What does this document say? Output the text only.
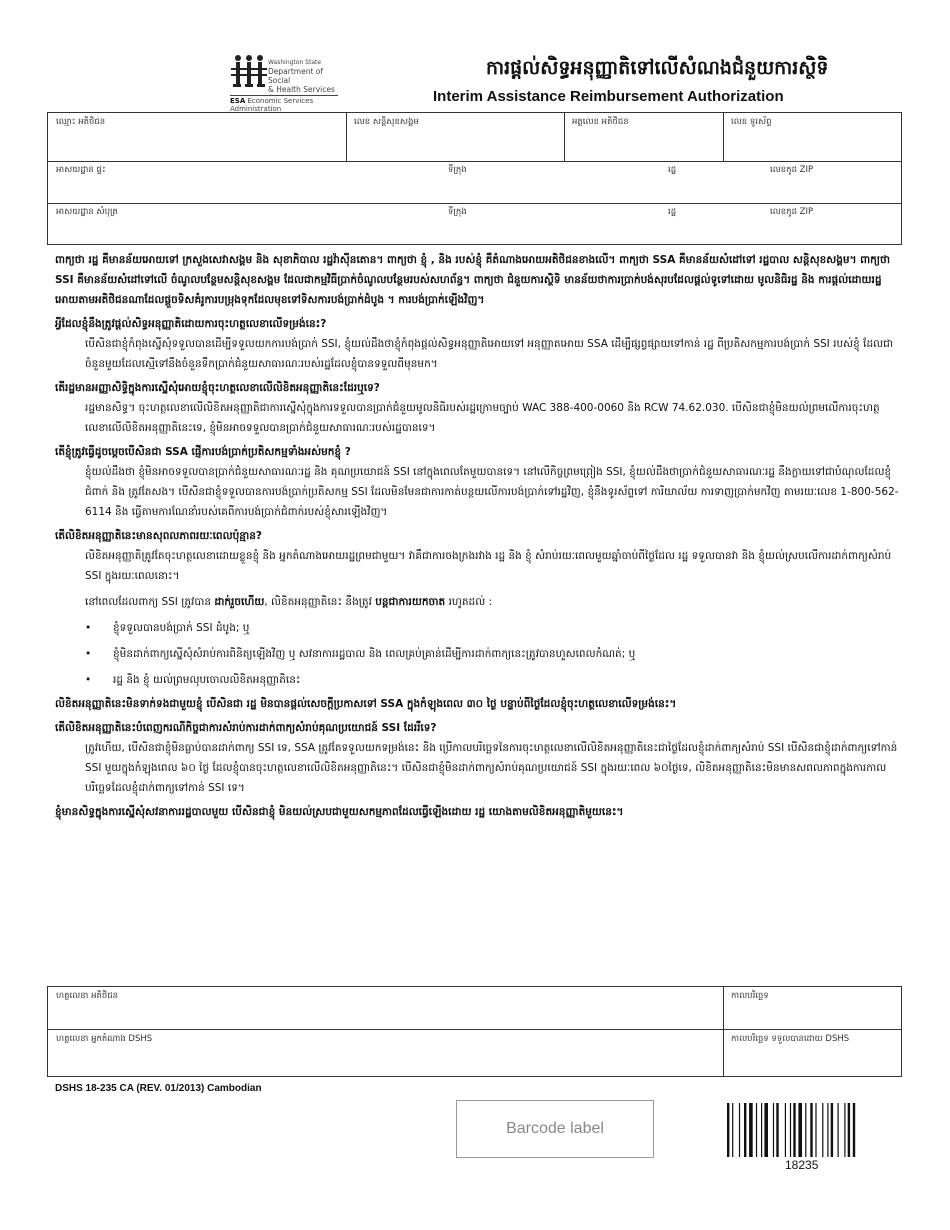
Washington State
Department of Social
& Health Services
ESA Economic Services
Administration
ការផ្តល់សិទ្ធអនុញ្ញាតិទៅលើសំណងជំនួយការស្ថិទិ
Interim Assistance Reimbursement Authorization
ឈ្មោះ អតិថិជន	លេខ សន្តិសុខសង្គម	អត្តលេខ អតិថិជន	លេខ ទូរស័ព្ទ
អាសយដ្ឋាន ផ្ទះ	ទីក្រុង	រដ្ឋ	លេខកូដ ZIP
អាសយដ្ឋាន សំបុត្រ	ទីក្រុង	រដ្ឋ	លេខកូដ ZIP

ពាក្យថា រដ្ឋ គឺមានន័យអោយទៅ ក្រសួងសេវាសង្គម និង សុខាភិបាល រដ្ឋវ៉ាស៊ីនតោន។ ពាក្យថា ខ្ញុំ , និង របស់ខ្ញុំ គឺតំណាងអោយអតិថិជនខាងលើ។ ពាក្យថា SSA គឺមានន័យសំដៅទៅ រដ្ឋបាល សន្តិសុខសង្គម។ ពាក្យថា SSI គឺមានន័យសំដៅទៅលើ ចំណូលបន្ថែមសន្តិសុខសង្គម ដែលជាកម្មវិធីប្រាក់ចំណូលបន្ថែមរបស់សហព័ន្ធ។ ពាក្យថា ជំនួយការស្ថិទិ មានន័យថាការប្រាក់បង់សុរបដែលផ្តល់ទូទៅដោយ មូលនិធិរដ្ឋ និង ការផ្តល់ដោយរដ្ឋអោយតាមអតិថិជនណាដែលផ្តួចទិសគំរូការបម្រុងទុកដែលមុខទៅទិសការបង់ប្រាក់ដំបូង ។ ការបង់ប្រាក់ឡើងវិញ។

អ្វីដែលខ្ញុំនឹងត្រូវផ្តល់សិទ្ធអនុញ្ញាតិដោយការចុះហត្ថលេខាលើទម្រង់នេះ?

បើសិនជាខ្ញុំកំពុងស្នើសុំទទួលបានដើម្បីទទួលយកការបង់ប្រាក់ SSI, ខ្ញុំយល់ដឹងថាខ្ញុំកំពុងផ្តល់សិទ្ធអនុញ្ញាតិអោយទៅ អនុញ្ញាតអោយ SSA ដើម្បីផ្សព្វផ្សាយទៅកាន់ រដ្ឋ ពីប្រតិសកម្មការបង់ប្រាក់ SSI របស់ខ្ញុំ ដែលជាចំនួនមួយដែលស្មើទៅនឹងចំនួនទឹកប្រាក់ជំនួយសាធារណៈរបស់រដ្ឋដែលខ្ញុំបានទទួលពីមុនមក។

តើរដ្ឋមានអញ្ញាសិទ្ធិក្នុងការស្នើសុំអោយខ្ញុំចុះហត្ថលេខាលើលិខិតអនុញ្ញាតិនេះដែរឬទេ?

រដ្ឋមានសិទ្ធ។ ចុះហត្ថលេខាលើលិខិតអនុញ្ញាតិជាការស្នើសុំក្នុងការទទួលបានប្រាក់ជំនួយមូលនិធិរបស់រដ្ឋក្រោមច្បាប់ WAC 388-400-0060 និង RCW 74.62.030. បើសិនជាខ្ញុំមិនយល់ព្រមលើការចុះហត្ថលេខាលើលិខិតអនុញ្ញាតិនេះទេ, ខ្ញុំមិនអាចទទួលបានប្រាក់ជំនួយសាធារណៈរបស់រដ្ឋបានទេ។

តើខ្ញុំត្រូវធ្វើដូចម្តេចបើសិនជា SSA ផ្ញើការបង់ប្រាក់ប្រតិសកម្មទាំងអស់មកខ្ញុំ ?

ខ្ញុំយល់ដឹងថា ខ្ញុំមិនអាចទទួលបានប្រាក់ជំនួយសាធារណៈរដ្ឋ និង គុណប្រយោជន៍ SSI នៅក្នុងពេលតែមួយបានទេ។ នៅលើកិច្ចព្រមព្រៀង SSI, ខ្ញុំយល់ដឹងថាប្រាក់ជំនួយសាធារណៈរដ្ឋ នឹងក្លាយទៅជាបំណុលដែលខ្ញុំជំពាក់ និង ត្រូវតែសង។ បើសិនជាខ្ញុំទទួលបានការបង់ប្រាក់ប្រតិសកម្ម SSI ដែលមិនមែនជាការកាត់បន្ថយលើការបង់ប្រាក់ទៅរដ្ឋវិញ, ខ្ញុំនឹងទូរស័ព្ទទៅ ការិយាល័យ ការទាញប្រាក់មកវិញ តាមរយៈលេខ 1-800-562-6114 និង ធ្វើតាមការណែនាំរបស់គេពីការបង់ប្រាក់ជំពាក់របស់ខ្ញុំសារឡើងវិញ។

តើលិខិតអនុញ្ញាតិនេះមានសុពលភាពរយៈពេលប៉ុន្មាន?

លិខិតអនុញ្ញាតិត្រូវតែចុះហត្ថលេខាដោយខ្លួនខ្ញុំ និង អ្នកតំណាងអោយរដ្ឋព្រមជាមួយ។ វាគឺជាការចងក្រងរវាង រដ្ឋ និង ខ្ញុំ សំរាប់រយៈពេលមួយឆ្នាំចាប់ពីថ្ងៃដែល រដ្ឋ ទទួលបានវា និង ខ្ញុំយល់ស្របលើការដាក់ពាក្យសំរាប់ SSI ក្នុងរយៈពេលនោះ។

នៅពេលដែលពាក្យ SSI ត្រូវបាន ដាក់រួចហើយ, លិខិតអនុញ្ញាតិនេះ នឹងត្រូវ បន្តជាការយកចាត រហូតដល់ :

• ខ្ញុំទទួលបានបង់ប្រាក់ SSI ដំបូង; ឬ

• ខ្ញុំមិនដាក់ពាក្យស្នើសុំសំរាប់ការពិនិត្យឡើងវិញ ឬ សវនាការរដ្ឋបាល និង ពេលគ្រប់គ្រាន់ដើម្បីការដាក់ពាក្យនេះត្រូវបានហួសពេលកំណត់; ឬ

• រដ្ឋ និង ខ្ញុំ យល់ព្រមលុបចោលលិខិតអនុញ្ញាតិនេះ

លិខិតអនុញ្ញាតិនេះមិនទាក់ទងជាមួយខ្ញុំ បើសិនជា រដ្ឋ មិនបានផ្តល់សេចក្តីប្រកាសទៅ SSA ក្នុងកំឡុងពេល ៣០ ថ្ងៃ បន្ទាប់ពីថ្ងៃដែលខ្ញុំចុះហត្ថលេខាលើទម្រង់នេះ។

តើលិខិតអនុញ្ញាតិនេះបំពេញករណីកិច្ចជាការសំរាប់ការដាក់ពាក្យសំរាប់គុណប្រយោជន៍ SSI ដែររឺទេ?

ត្រូវហើយ, បើសិនជាខ្ញុំមិនធ្លាប់បានដាក់ពាក្យ SSI ទេ, SSA ត្រូវតែទទួលយកទម្រង់នេះ និង ប្រើកាលបរិច្ឆេទនៃការចុះហត្ថលេខាលើលិខិតអនុញ្ញាតិនេះជាថ្ងៃដែលខ្ញុំដាក់ពាក្យសំរាប់ SSI បើសិនជាខ្ញុំដាក់ពាក្យទៅកាន់ SSI មួយក្នុងកំឡុងពេល ៦០ ថ្ងៃ ដែលខ្ញុំបានចុះហត្ថលេខាលើលិខិតអនុញ្ញាតិនេះ។ បើសិនជាខ្ញុំមិនដាក់ពាក្យសំរាប់គុណប្រយោជន៍ SSI ក្នុងរយៈពេល ៦០ថ្ងៃទេ, លិខិតអនុញ្ញាតិនេះមិនមានសពលភាពក្នុងការកាលបរិច្ឆេទដែលខ្ញុំដាក់ពាក្យទៅកាន់ SSI ទេ។

ខ្ញុំមានសិទ្ធក្នុងការស្នើសុំសវនាការរដ្ឋបាលមួយ បើសិនជាខ្ញុំ មិនយល់ស្របជាមួយសកម្មភាពដែលធ្វើឡើងដោយ រដ្ឋ យោងតាមលិខិតអនុញ្ញាតិមួយនេះ។

ហត្ថលេខា អតិថិជន	កាលបរិច្ឆេទ
ហត្ថលេខា អ្នកតំណាង DSHS	កាលបរិច្ឆេទ ទទួលបានដោយ DSHS
DSHS 18-235 CA (REV. 01/2013) Cambodian
Barcode label
18235
